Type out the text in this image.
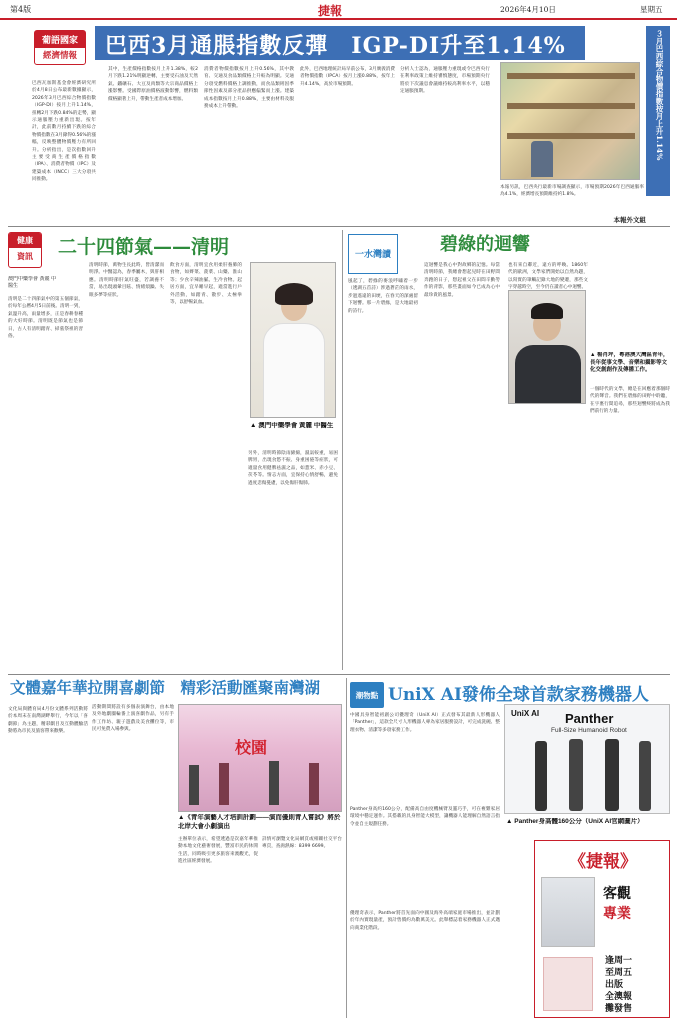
第4版	捷報	2026年4月10日	星期五
葡語國家
經濟情報	巴西3月通脹指數反彈　IGP-DI升至1.14%	３月巴西綜合物價指數按月上升1.14%
巴西瓦加斯基金會經濟研究所於4月8日公布最新數據顯示，2026年3月巴西綜合物價指數（IGP-DI）按月上升1.14%，扭轉2月下跌0.84%的走勢，顯示通脹壓力重新出現。按年計，此前數月持續下跌的綜合物價指數在3月錄得0.56%的漲幅，反映整體物價壓力有所回升。分析指出，是次指數回升主要受商生產價格指數（IPA）、消費者物價（IPC）及建築成本（INCC）三大分項共同推動。
其中，生產價格指數按月上升1.38%，較2月下跌1.21%明顯逆轉，主要受石油及天然氣、鐵礦石、大豆及肉類等大宗商品價格上漲影響。受國際原油價格波動影響，燃料類價格顯著上升，帶動生產者成本增加。
消費者物價指數按月上升0.56%，其中教育、交通及食品類價格上升較為明顯。交通分項受燃料價格上調推動，而食品類則因季節性因素及部分產品供應偏緊而上漲。建築成本指數按月上升0.88%，主要由材料及服務成本上升帶動。
此外，巴西地理統計局早前公布，3月廣義消費者物價指數（IPCA）按月上漲0.88%，按年上升4.14%，高於市場預期。
分析人士認為，通脹壓力重現或令巴西央行在利率政策上維持審慎態度，市場預期央行將於下次議息會議維持較高利率水平，以穩定通脹預期。
本報另訊，巴西央行最新市場調查顯示，市場預期2026年巴西通脹率為4.1%，經濟增長預期維持約1.8%。
本報外文組
健康
資訊	二十四節氣——清明
澳門中藥學會 黃麗 中醫生
清明是二十四節氣中的第五個節氣，於每年公曆4月5日前後。清明一到，氣溫升高，雨量增多，正是春耕春種的大好時節。清明既是節氣也是節日，古人有清明踏青、掃墓祭祖的習俗。
清明時節，萬物生長此時，皆清潔而明淨。中醫認為，春季屬木，與肝相應。清明時節肝氣旺盛，若調養不當，易出現頭暈目眩、情緒煩躁、失眠多夢等症狀。
飲食方面，清明宜食用柔肝養肺的食物，如薺菜、菠菜、山藥、淮山等；少食辛辣油膩、生冷食物。起居方面，宜早睡早起，適當進行戶外活動，如踏青、散步、太極拳等，以舒暢氣血。
另外，清明時節陰雨綿綿，濕氣較重，易困脾胃，出現食慾不振、身重困倦等症狀，可適量食用健脾祛濕之品，如薏米、赤小豆、茯苓等。情志方面，宜保持心情舒暢，避免過度悲傷憂慮，以免傷肝傷肺。
▲ 澳門中藥學會 黃麗 中醫生
一水灣讀	碧綠的迴響
風起了，碧綠的麥浪呼嘯着一步（透湖五首詩）涉過蒼茫的雨水，步過遙遠的田埂，在春天的深處留下迴響。那一片碧綠，是大地最初的詩行。
這迴響是我心中對故鄉的記憶。每當清明時節，我總會想起兒時在田野間奔跑的日子，想起祖父在田間辛勤勞作的背影，那些畫面如今已成為心中最珍貴的風景。
也有來自鄰近，遠方的呼喚。1860年代的歐洲，文學家們開始以自然為題，以寫實的筆觸記錄大地的變遷，那些文字穿越時空，至今仍在讀者心中迴響。
一個時代的文學，總是在回應着那個時代的聲音。我們在碧綠的田野中聆聽，在字裏行間追尋，那些迴響終將成為我們前行的力量。
▲ 楊肖坪，粵港澳大灣區青年，長年從事文學、音樂和攝影等文化交創創作及傳播工作。
文體嘉年華拉開喜劇節　精彩活動匯聚南灣湖
文化局與體育局4月份文體系列活動將於本周末在南灣湖畔舉行，今年以「喜劇節」為主題，精彩劇目及互動體驗活動將為市民及旅客帶來歡樂。
活動期間將設有多個表演舞台，由本地及外地劇團輪番上演喜劇作品，另有手作工作坊、親子遊戲及美食攤位等，市民可免費入場參與。
校園
▲《青年演藝人才培訓計劃——演而優則青人嘗試》將於北岸大會小劇演出
主辦單位表示，希望透過是次嘉年華推動本地文化藝術發展，豐富市民的休閒生活，同時吸引更多旅客來澳觀光，促進社區經濟發展。
詳情可瀏覽文化局網頁或相關社交平台專頁，查詢熱線：8399 6699。
潮物點 UniX AI發佈全球首款家務機器人
中國具身智能初創公司優理奇（UniX AI）正式發布其最新人形機器人「Panther」，這款全尺寸人形機器人專為家居服務設計，可完成洗碗、整理衣物、清潔等多項家務工作。
Panther身高約160公分，配備高自由度機械臂及靈巧手，可在複雜家居環境中穩定運作。其搭載的具身智能大模型，讓機器人能理解自然語言指令並自主規劃任務。
優理奇表示，Panther將首先面向中國及海外高端家庭市場推出，並計劃於年內實現量產，預計售價約為數萬美元。此舉標誌着家務機器人正式邁向商業化階段。
UniX AI Panther
Full-Size Humanoid Robot
▲ Panther身高體160公分（UniX AI官網圖片）
《捷報》
客觀
專業
逢周一
至周五
出版
全澳報
攤發售
